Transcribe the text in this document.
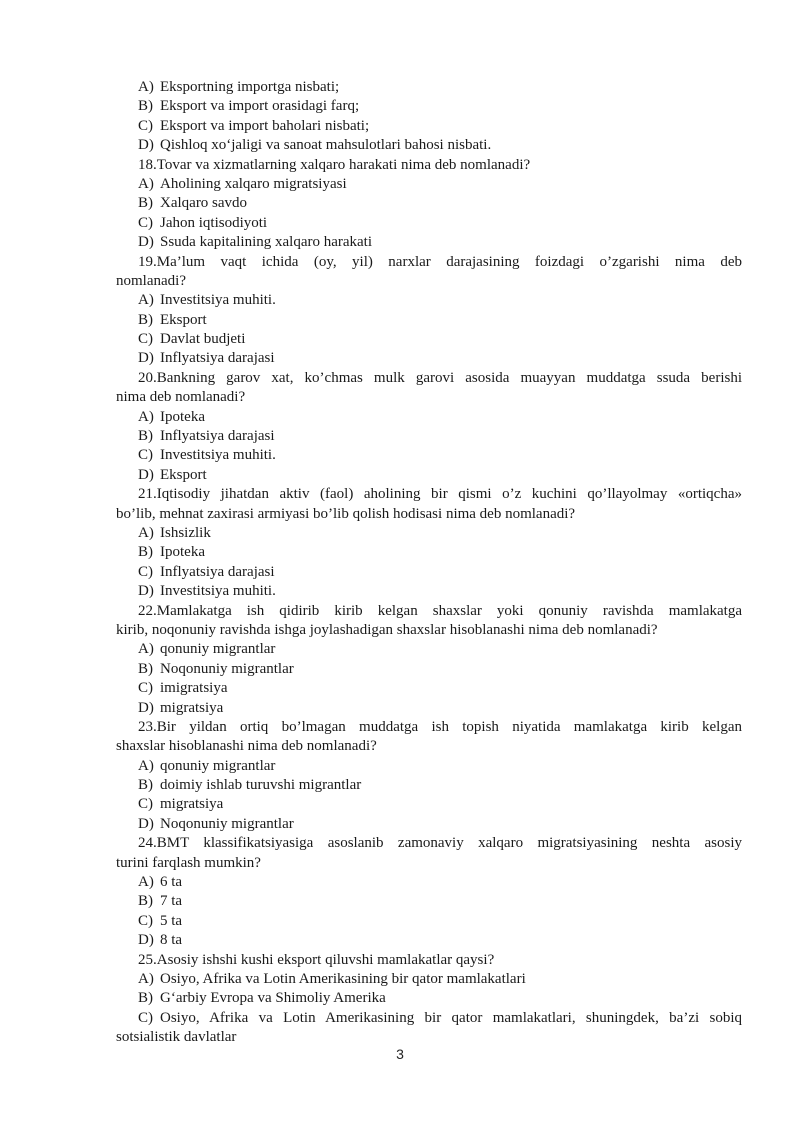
A) Eksportning importga nisbati;
B) Eksport va import orasidagi farq;
C) Eksport va import baholari nisbati;
D) Qishloq xo‘jaligi va sanoat mahsulotlari bahosi nisbati.
18.Tovar va xizmatlarning xalqaro harakati nima deb nomlanadi?
A) Aholining xalqaro migratsiyasi
B) Xalqaro savdo
C) Jahon iqtisodiyoti
D) Ssuda kapitalining xalqaro harakati
19.Ma’lum vaqt ichida (oy, yil) narxlar darajasining foizdagi o’zgarishi nima deb
nomlanadi?
A) Investitsiya muhiti.
B) Eksport
C) Davlat budjeti
D) Inflyatsiya darajasi
20.Bankning garov xat, ko’chmas mulk garovi asosida muayyan muddatga ssuda berishi
nima deb nomlanadi?
A) Ipoteka
B) Inflyatsiya darajasi
C) Investitsiya muhiti.
D) Eksport
21.Iqtisodiy jihatdan aktiv (faol) aholining bir qismi o’z kuchini qo’llayolmay «ortiqcha»
bo’lib, mehnat zaxirasi armiyasi bo’lib qolish hodisasi nima deb nomlanadi?
A) Ishsizlik
B) Ipoteka
C) Inflyatsiya darajasi
D) Investitsiya muhiti.
22.Mamlakatga ish qidirib kirib kelgan shaxslar yoki qonuniy ravishda mamlakatga
kirib, noqonuniy ravishda ishga joylashadigan shaxslar hisoblanashi nima deb nomlanadi?
A) qonuniy migrantlar
B) Noqonuniy migrantlar
C) imigratsiya
D) migratsiya
23.Bir yildan ortiq bo’lmagan muddatga ish topish niyatida mamlakatga kirib kelgan
shaxslar hisoblanashi nima deb nomlanadi?
A) qonuniy migrantlar
B) doimiy ishlab turuvshi migrantlar
C) migratsiya
D) Noqonuniy migrantlar
24.BMT klassifikatsiyasiga asoslanib zamonaviy xalqaro migratsiyasining neshta asosiy
turini farqlash mumkin?
A) 6 ta
B) 7 ta
C) 5 ta
D) 8 ta
25.Asosiy ishshi kushi eksport qiluvshi mamlakatlar qaysi?
A) Osiyo, Afrika va Lotin Amerikasining bir qator mamlakatlari
B) G‘arbiy Evropa va Shimoliy Amerika
C) Osiyo, Afrika va Lotin Amerikasining bir qator mamlakatlari, shuningdek, ba’zi sobiq
sotsialistik davlatlar
3
